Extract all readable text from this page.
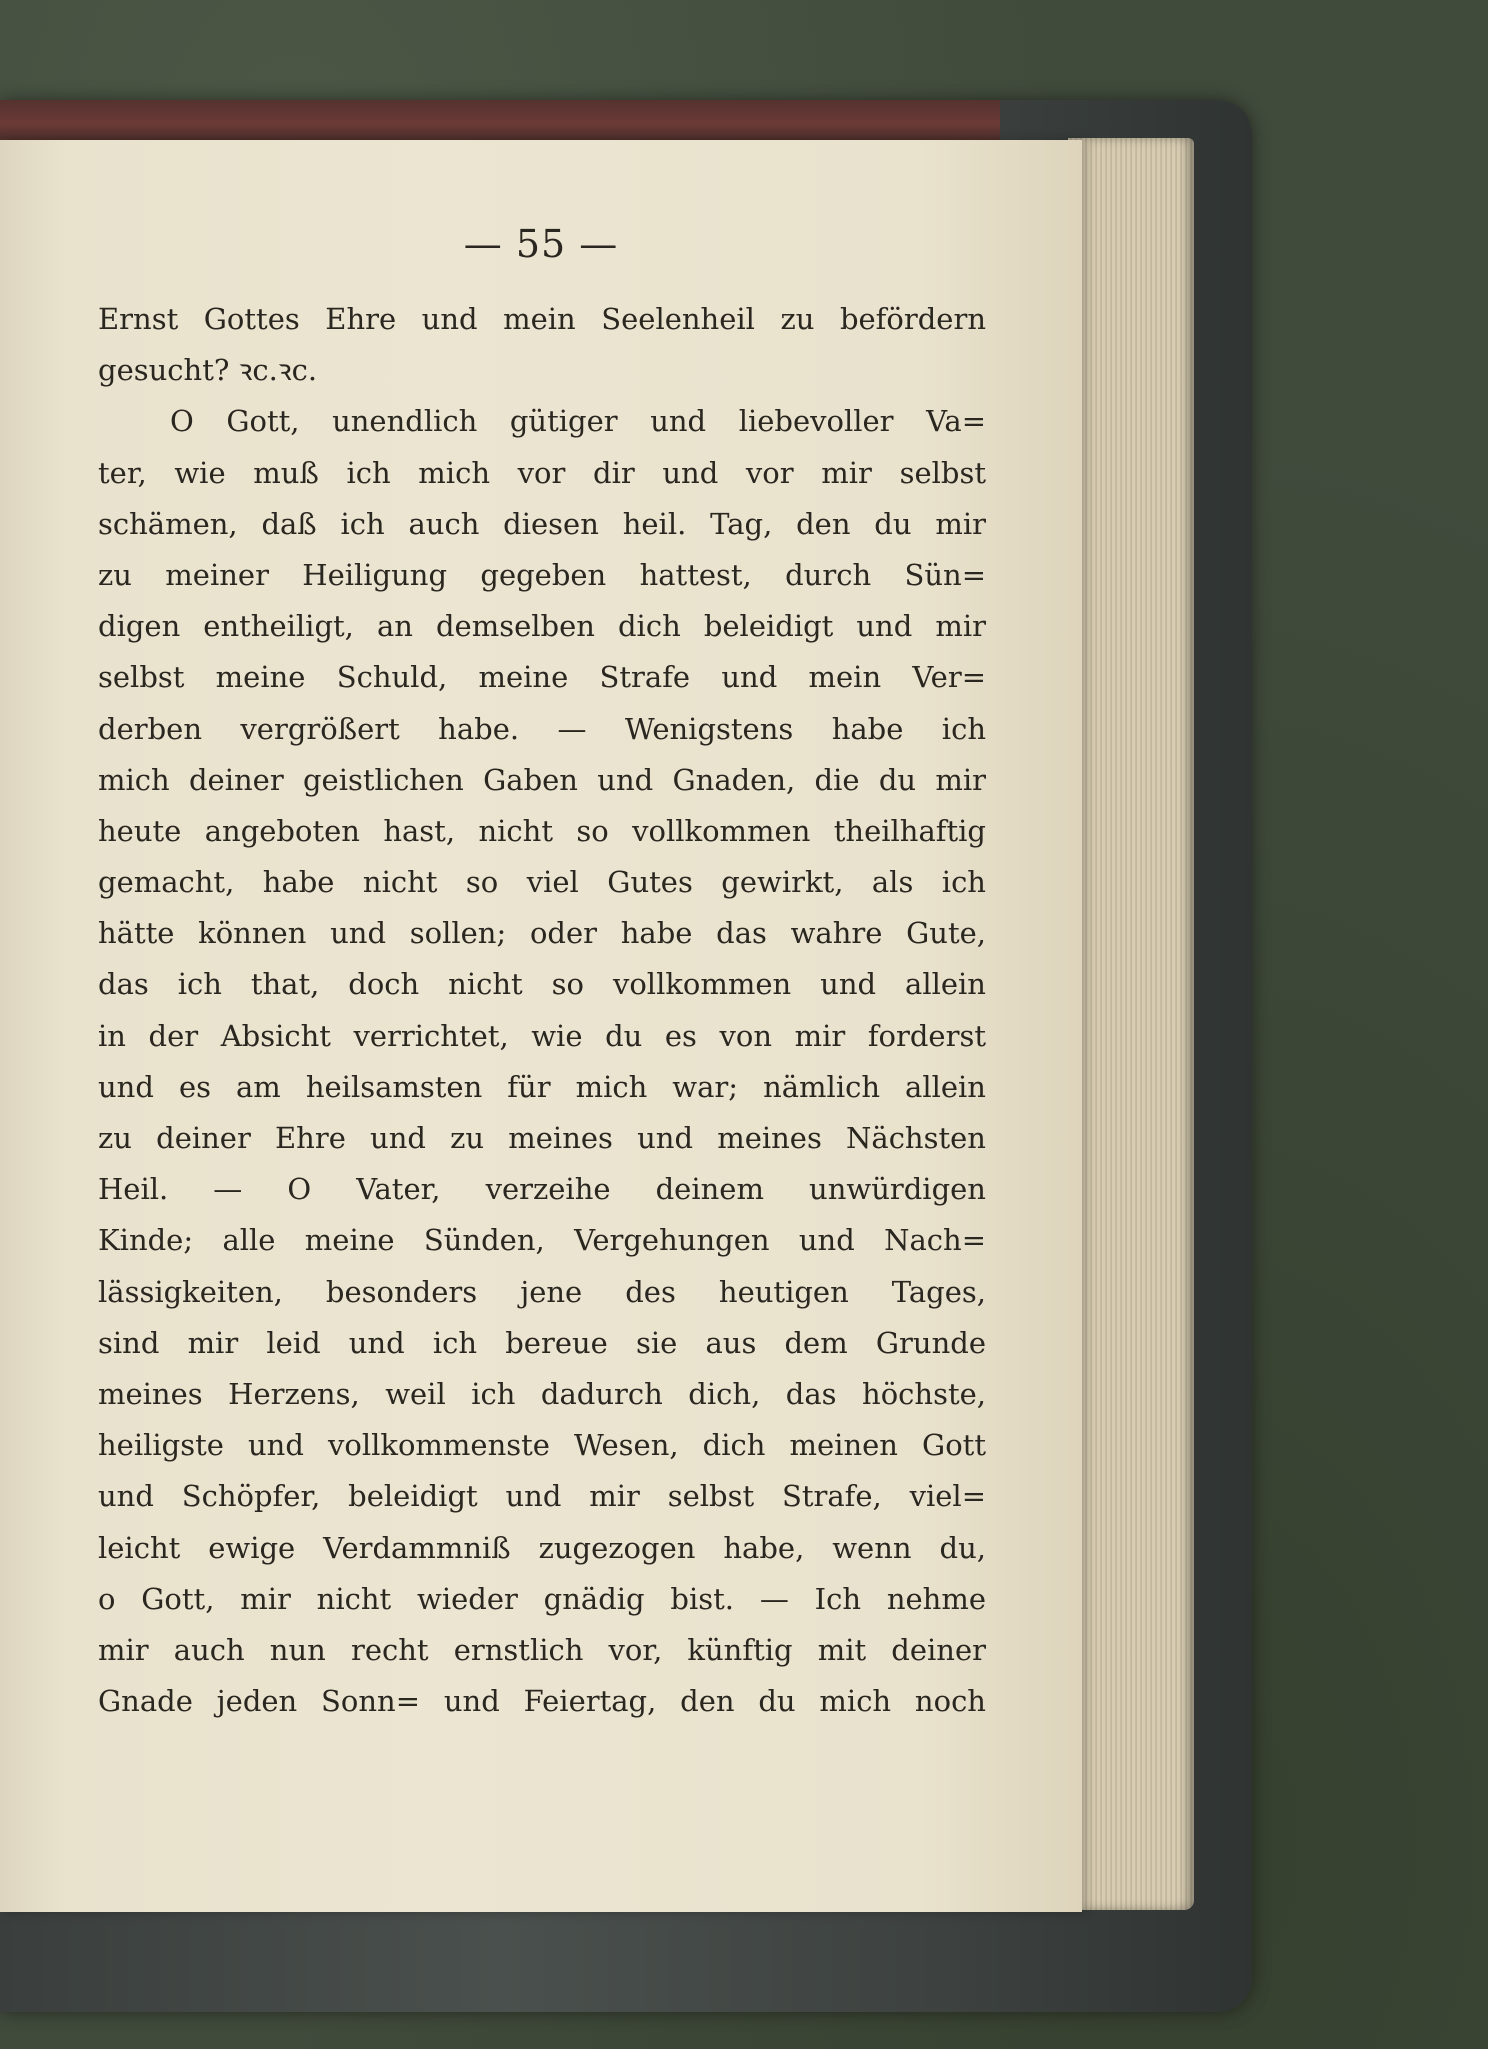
— 55 —
Ernst Gottes Ehre und mein Seelenheil zu befördern
gesucht? ꝛc.ꝛc.
O Gott, unendlich gütiger und liebevoller Va=
ter, wie muß ich mich vor dir und vor mir selbst
schämen, daß ich auch diesen heil. Tag, den du mir
zu meiner Heiligung gegeben hattest, durch Sün=
digen entheiligt, an demselben dich beleidigt und mir
selbst meine Schuld, meine Strafe und mein Ver=
derben vergrößert habe. — Wenigstens habe ich
mich deiner geistlichen Gaben und Gnaden, die du mir
heute angeboten hast, nicht so vollkommen theilhaftig
gemacht, habe nicht so viel Gutes gewirkt, als ich
hätte können und sollen; oder habe das wahre Gute,
das ich that, doch nicht so vollkommen und allein
in der Absicht verrichtet, wie du es von mir forderst
und es am heilsamsten für mich war; nämlich allein
zu deiner Ehre und zu meines und meines Nächsten
Heil. — O Vater, verzeihe deinem unwürdigen
Kinde; alle meine Sünden, Vergehungen und Nach=
lässigkeiten, besonders jene des heutigen Tages,
sind mir leid und ich bereue sie aus dem Grunde
meines Herzens, weil ich dadurch dich, das höchste,
heiligste und vollkommenste Wesen, dich meinen Gott
und Schöpfer, beleidigt und mir selbst Strafe, viel=
leicht ewige Verdammniß zugezogen habe, wenn du,
o Gott, mir nicht wieder gnädig bist. — Ich nehme
mir auch nun recht ernstlich vor, künftig mit deiner
Gnade jeden Sonn= und Feiertag, den du mich noch
